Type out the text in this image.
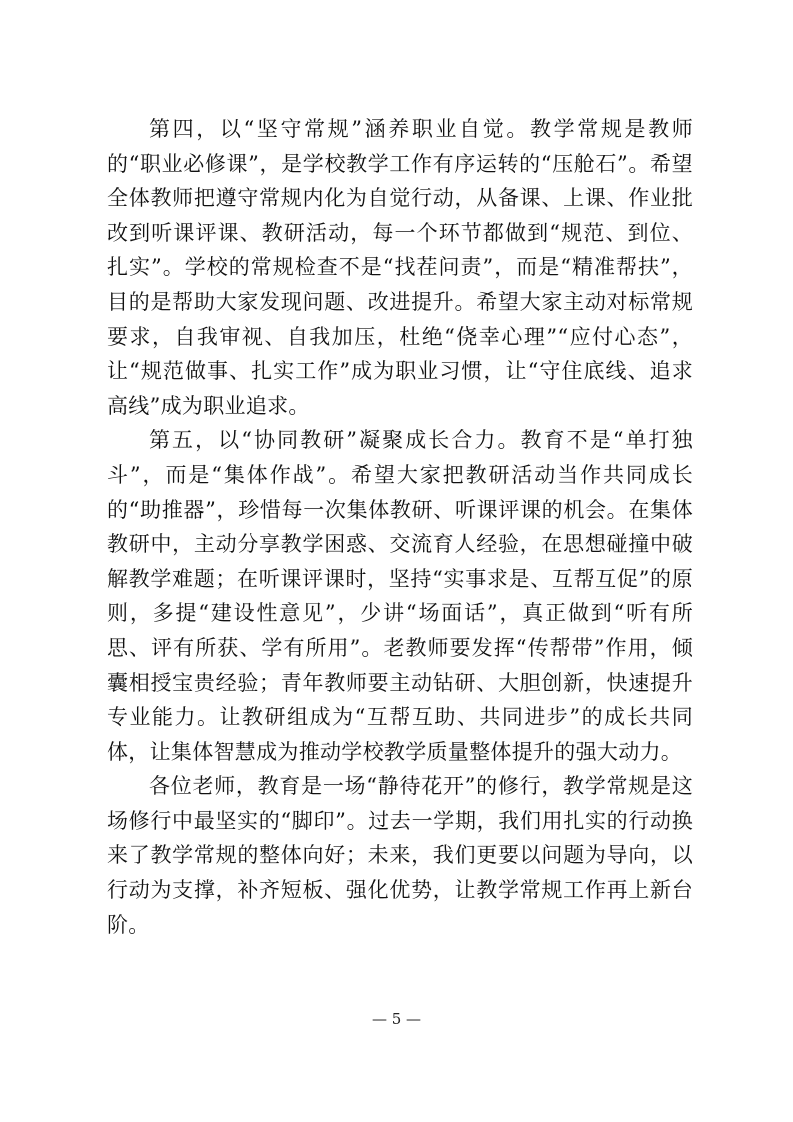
第四，以“坚守常规”涵养职业自觉。教学常规是教师的“职业必修课”，是学校教学工作有序运转的“压舱石”。希望全体教师把遵守常规内化为自觉行动，从备课、上课、作业批改到听课评课、教研活动，每一个环节都做到“规范、到位、扎实”。学校的常规检查不是“找茬问责”，而是“精准帮扶”，目的是帮助大家发现问题、改进提升。希望大家主动对标常规要求，自我审视、自我加压，杜绝“侥幸心理”“应付心态”，让“规范做事、扎实工作”成为职业习惯，让“守住底线、追求高线”成为职业追求。

第五，以“协同教研”凝聚成长合力。教育不是“单打独斗”，而是“集体作战”。希望大家把教研活动当作共同成长的“助推器”，珍惜每一次集体教研、听课评课的机会。在集体教研中，主动分享教学困惑、交流育人经验，在思想碰撞中破解教学难题；在听课评课时，坚持“实事求是、互帮互促”的原则，多提“建设性意见”，少讲“场面话”，真正做到“听有所思、评有所获、学有所用”。老教师要发挥“传帮带”作用，倾囊相授宝贵经验；青年教师要主动钻研、大胆创新，快速提升专业能力。让教研组成为“互帮互助、共同进步”的成长共同体，让集体智慧成为推动学校教学质量整体提升的强大动力。

各位老师，教育是一场“静待花开”的修行，教学常规是这场修行中最坚实的“脚印”。过去一学期，我们用扎实的行动换来了教学常规的整体向好；未来，我们更要以问题为导向，以行动为支撑，补齐短板、强化优势，让教学常规工作再上新台阶。

— 5 —
